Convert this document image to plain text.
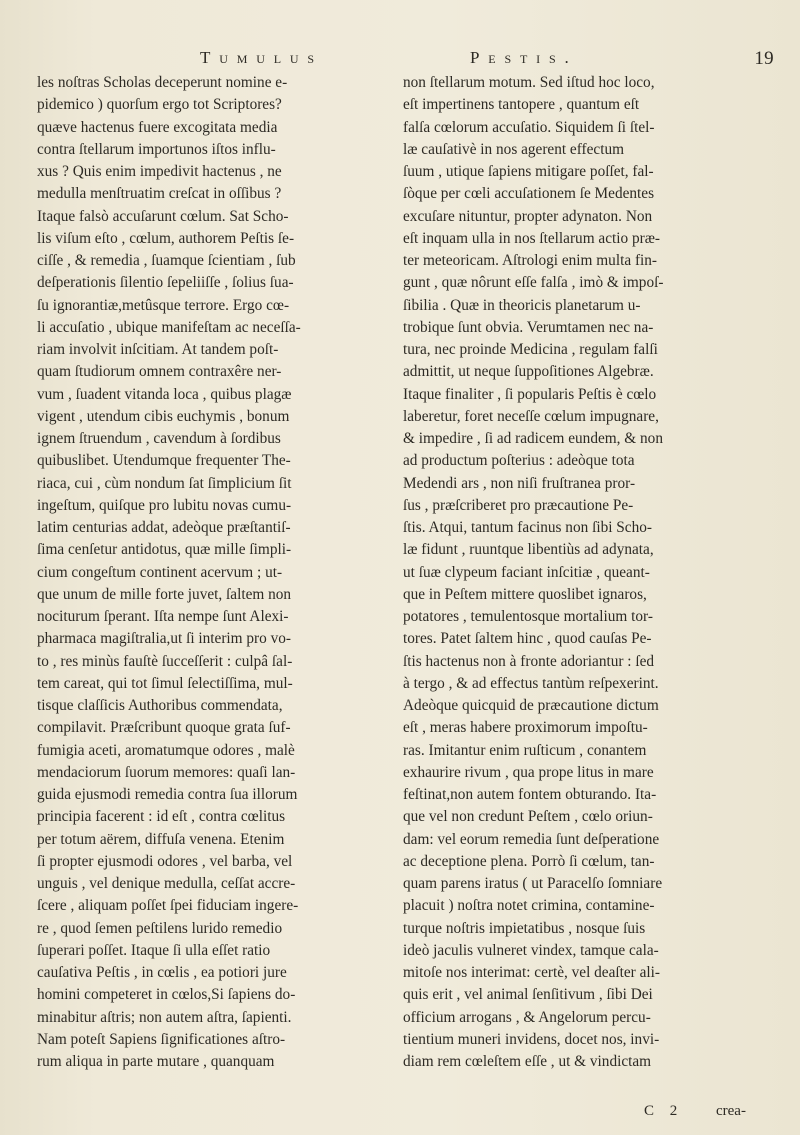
Tumulus	Pestis.	19
les noſtras Scholas deceperunt nomine e-
pidemico ) quorſum ergo tot Scriptores?
quæve hactenus fuere excogitata media
contra ſtellarum importunos iſtos influ-
xus ? Quis enim impedivit hactenus , ne
medulla menſtruatim creſcat in oſſibus ?
Itaque falsò accuſarunt cœlum. Sat Scho-
lis viſum eſto , cœlum, authorem Peſtis ſe-
ciſſe , & remedia , ſuamque ſcientiam , ſub
deſperationis ſilentio ſepeliiſſe , ſolius ſua-
ſu ignorantiæ,metûsque terrore. Ergo cœ-
li accuſatio , ubique manifeſtam ac neceſſa-
riam involvit inſcitiam. At tandem poſt-
quam ſtudiorum omnem contraxêre ner-
vum , ſuadent vitanda loca , quibus plagæ
vigent , utendum cibis euchymis , bonum
ignem ſtruendum , cavendum à ſordibus
quibuslibet. Utendumque frequenter The-
riaca, cui , cùm nondum ſat ſimplicium ſit
ingeſtum, quiſque pro lubitu novas cumu-
latim centurias addat, adeòque præſtantiſ-
ſima cenſetur antidotus, quæ mille ſimpli-
cium congeſtum continent acervum ; ut-
que unum de mille forte juvet, ſaltem non
nociturum ſperant. Iſta nempe ſunt Alexi-
pharmaca magiſtralia,ut ſi interim pro vo-
to , res minùs fauſtè ſucceſſerit : culpâ ſal-
tem careat, qui tot ſimul ſelectiſſima, mul-
tisque claſſicis Authoribus commendata,
compilavit. Præſcribunt quoque grata ſuf-
fumigia aceti, aromatumque odores , malè
mendaciorum ſuorum memores: quaſi lan-
guida ejusmodi remedia contra ſua illorum
principia facerent : id eſt , contra cœlitus
per totum aërem, diffuſa venena. Etenim
ſi propter ejusmodi odores , vel barba, vel
unguis , vel denique medulla, ceſſat accre-
ſcere , aliquam poſſet ſpei fiduciam ingere-
re , quod ſemen peſtilens lurido remedio
ſuperari poſſet. Itaque ſi ulla eſſet ratio
cauſativa Peſtis , in cœlis , ea potiori jure
homini competeret in cœlos,Si ſapiens do-
minabitur aſtris; non autem aſtra, ſapienti.
Nam poteſt Sapiens ſignificationes aſtro-
rum aliqua in parte mutare , quanquam
non ſtellarum motum. Sed iſtud hoc loco,
eſt impertinens tantopere , quantum eſt
falſa cœlorum accuſatio. Siquidem ſi ſtel-
læ cauſativè in nos agerent effectum
ſuum , utique ſapiens mitigare poſſet, fal-
ſòque per cœli accuſationem ſe Medentes
excuſare nituntur, propter adynaton. Non
eſt inquam ulla in nos ſtellarum actio præ-
ter meteoricam. Aſtrologi enim multa fin-
gunt , quæ nôrunt eſſe falſa , imò & impoſ-
ſibilia . Quæ in theoricis planetarum u-
trobique ſunt obvia. Verumtamen nec na-
tura, nec proinde Medicina , regulam falſi
admittit, ut neque ſuppoſitiones Algebræ.
Itaque finaliter , ſi popularis Peſtis è cœlo
laberetur, foret neceſſe cœlum impugnare,
& impedire , ſi ad radicem eundem, & non
ad productum poſterius : adeòque tota
Medendi ars , non niſi fruſtranea pror-
ſus , præſcriberet pro præcautione Pe-
ſtis. Atqui, tantum facinus non ſibi Scho-
læ fidunt , ruuntque libentiùs ad adynata,
ut ſuæ clypeum faciant inſcitiæ , queant-
que in Peſtem mittere quoslibet ignaros,
potatores , temulentosque mortalium tor-
tores. Patet ſaltem hinc , quod cauſas Pe-
ſtis hactenus non à fronte adoriantur : ſed
à tergo , & ad effectus tantùm reſpexerint.
Adeòque quicquid de præcautione dictum
eſt , meras habere proximorum impoſtu-
ras. Imitantur enim ruſticum , conantem
exhaurire rivum , qua prope litus in mare
feſtinat,non autem fontem obturando. Ita-
que vel non credunt Peſtem , cœlo oriun-
dam: vel eorum remedia ſunt deſperatione
ac deceptione plena. Porrò ſi cœlum, tan-
quam parens iratus ( ut Paracelſo ſomniare
placuit ) noſtra notet crimina, contamine-
turque noſtris impietatibus , nosque ſuis
ideò jaculis vulneret vindex, tamque cala-
mitoſe nos interimat: certè, vel deaſter ali-
quis erit , vel animal ſenſitivum , ſibi Dei
officium arrogans , & Angelorum percu-
tientium muneri invidens, docet nos, invi-
diam rem cœleſtem eſſe , ut & vindictam
C 2 crea-
